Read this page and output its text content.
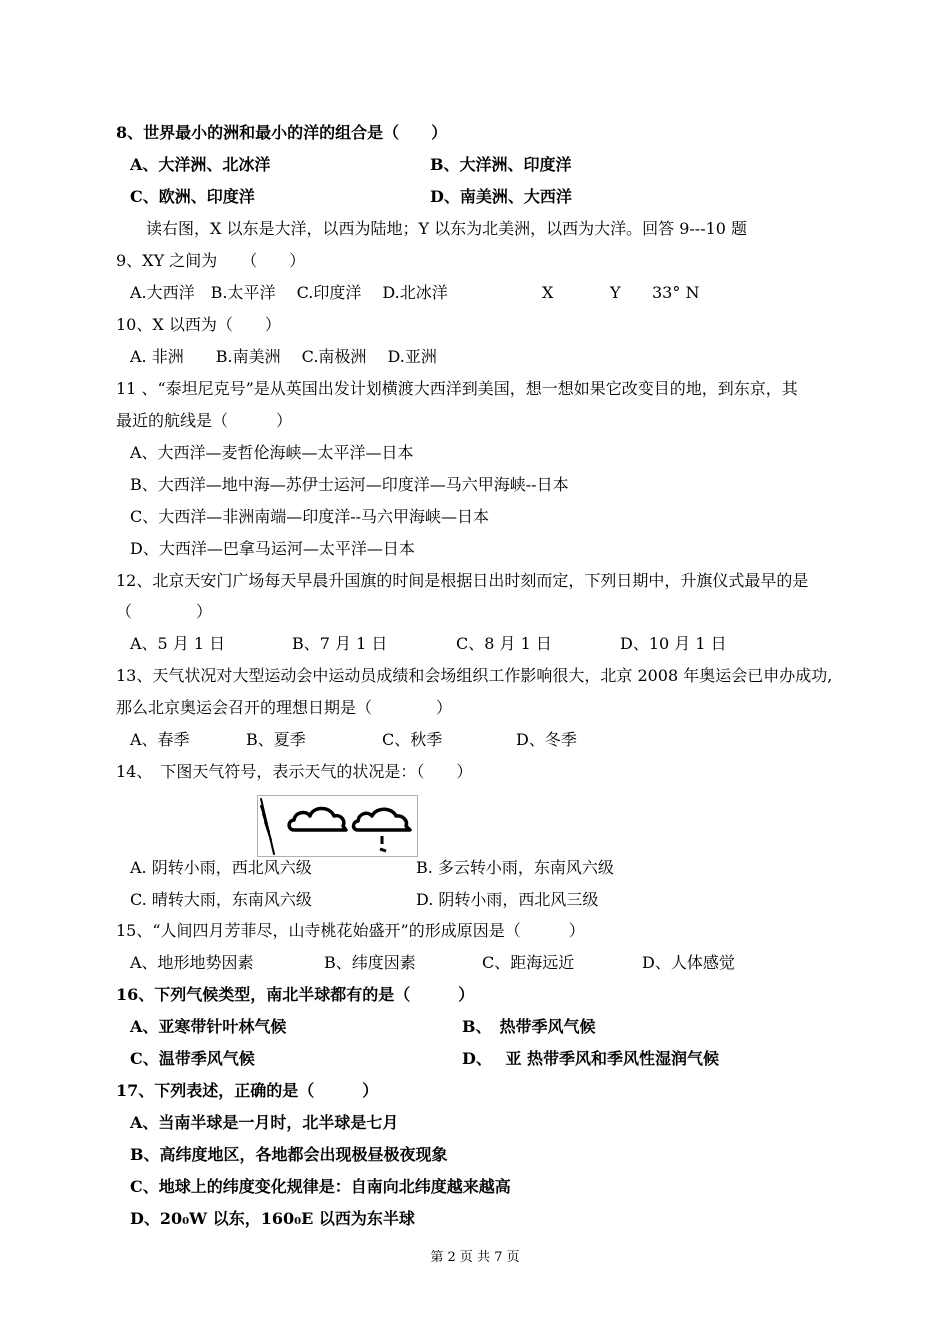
8、世界最小的洲和最小的洋的组合是（　　）
A、大洋洲、北冰洋	B、大洋洲、印度洋
C、欧洲、印度洋	D、南美洲、大西洋
读右图，X 以东是大洋，以西为陆地；Y 以东为北美洲，以西为大洋。回答 9---10 题
9、XY 之间为　　（　　）
A.大西洋　B.太平洋　 C.印度洋　 D.北冰洋	X	Y 33° N
10、X 以西为（　　）
A. 非洲　　B.南美洲　 C.南极洲　 D.亚洲
11 、“泰坦尼克号”是从英国出发计划横渡大西洋到美国，想一想如果它改变目的地，到东京，其
最近的航线是（　　　）
A、大西洋—麦哲伦海峡—太平洋—日本
B、大西洋—地中海—苏伊士运河—印度洋—马六甲海峡--日本
C、大西洋—非洲南端—印度洋--马六甲海峡—日本
D、大西洋—巴拿马运河—太平洋—日本
12、北京天安门广场每天早晨升国旗的时间是根据日出时刻而定，下列日期中，升旗仪式最早的是
（　　　　）
A、5 月 1 日	B、7 月 1 日	C、8 月 1 日	D、10 月 1 日
13、天气状况对大型运动会中运动员成绩和会场组织工作影响很大，北京 2008 年奥运会已申办成功,
那么北京奥运会召开的理想日期是（　　　　）
A、春季	B、夏季	C、秋季	D、冬季
14、　下图天气符号，表示天气的状况是：（　　）
A. 阴转小雨，西北风六级	B. 多云转小雨，东南风六级
C. 晴转大雨，东南风六级	D. 阴转小雨，西北风三级
15、“人间四月芳菲尽，山寺桃花始盛开”的形成原因是（　　　）
A、地形地势因素	B、纬度因素	C、距海远近	D、人体感觉
16、下列气候类型，南北半球都有的是（　　　）
A、亚寒带针叶林气候	B、　热带季风气候
C、温带季风气候	D、　 亚 热带季风和季风性湿润气候
17、下列表述，正确的是（　　　）
A、当南半球是一月时，北半球是七月
B、高纬度地区，各地都会出现极昼极夜现象
C、地球上的纬度变化规律是：自南向北纬度越来越高
D、20₀W 以东，160₀E 以西为东半球
第 2 页 共 7 页
